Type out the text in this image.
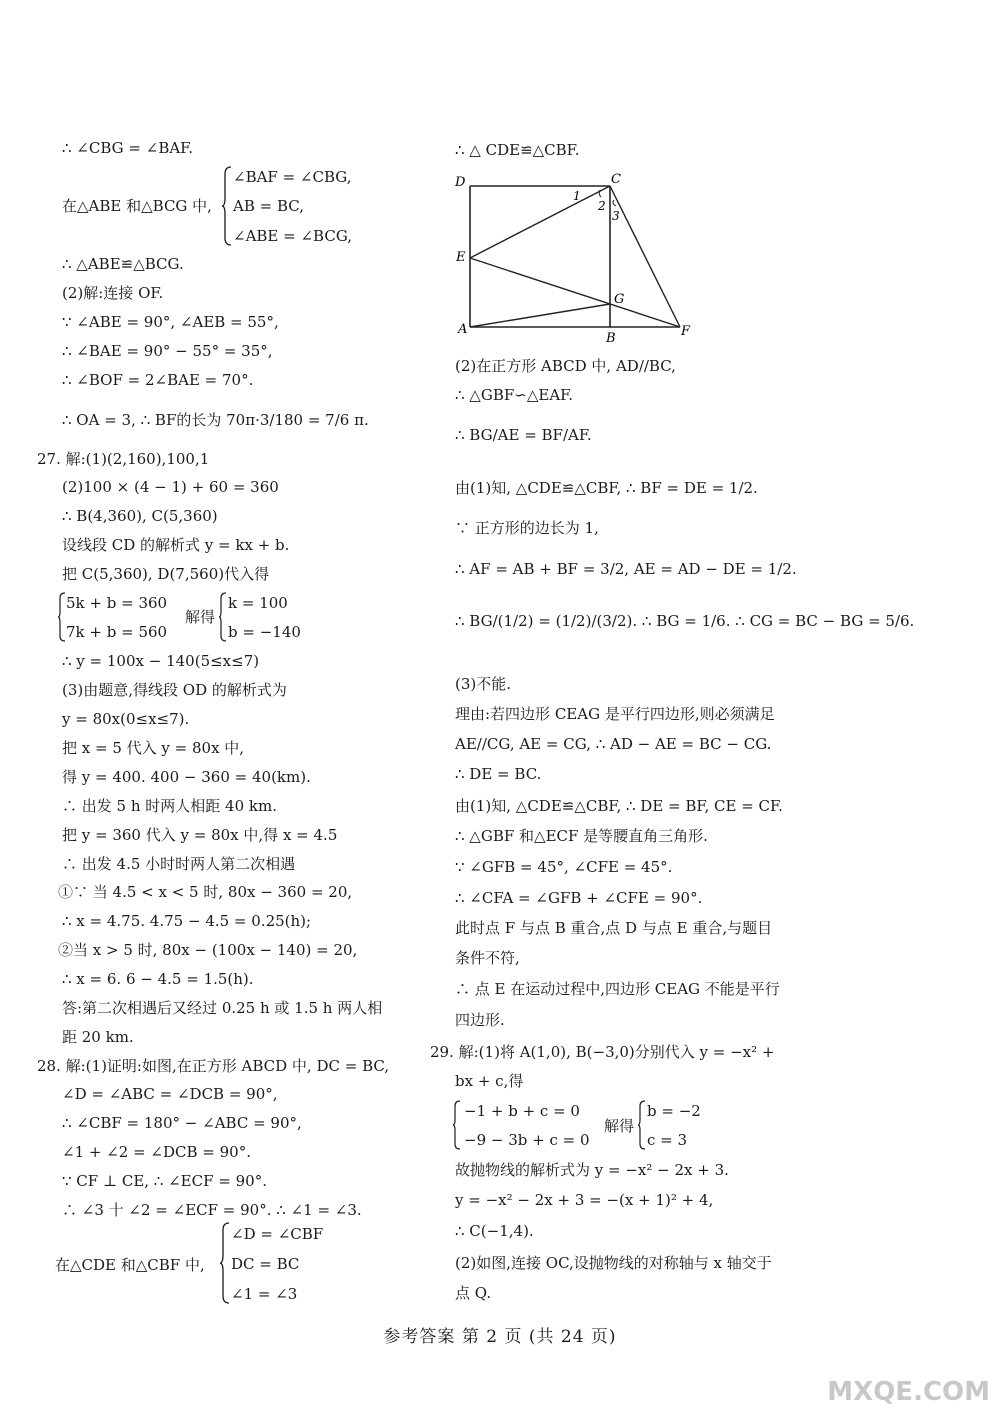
∴ ∠CBG = ∠BAF.
在△ABE 和△BCG 中,
∠BAF = ∠CBG,
AB = BC,
∠ABE = ∠BCG,
∴ △ABE≌△BCG.
(2)解:连接 OF.
∵ ∠ABE = 90°, ∠AEB = 55°,
∴ ∠BAE = 90° − 55° = 35°,
∴ ∠BOF = 2∠BAE = 70°.
∴ OA = 3, ∴ BF的长为 70π·3/180 = 7/6 π.
27. 解:(1)(2,160),100,1
(2)100 × (4 − 1) + 60 = 360
∴ B(4,360), C(5,360)
设线段 CD 的解析式 y = kx + b.
把 C(5,360), D(7,560)代入得
5k + b = 360
7k + b = 560
解得
k = 100
b = −140
∴ y = 100x − 140(5≤x≤7)
(3)由题意,得线段 OD 的解析式为
y = 80x(0≤x≤7).
把 x = 5 代入 y = 80x 中,
得 y = 400. 400 − 360 = 40(km).
∴ 出发 5 h 时两人相距 40 km.
把 y = 360 代入 y = 80x 中,得 x = 4.5
∴ 出发 4.5 小时时两人第二次相遇
①∵ 当 4.5 < x < 5 时, 80x − 360 = 20,
∴ x = 4.75. 4.75 − 4.5 = 0.25(h);
②当 x > 5 时, 80x − (100x − 140) = 20,
∴ x = 6. 6 − 4.5 = 1.5(h).
答:第二次相遇后又经过 0.25 h 或 1.5 h 两人相
距 20 km.
28. 解:(1)证明:如图,在正方形 ABCD 中, DC = BC,
∠D = ∠ABC = ∠DCB = 90°,
∴ ∠CBF = 180° − ∠ABC = 90°,
∠1 + ∠2 = ∠DCB = 90°.
∵ CF ⊥ CE, ∴ ∠ECF = 90°.
∴ ∠3 十 ∠2 = ∠ECF = 90°. ∴ ∠1 = ∠3.
在△CDE 和△CBF 中,
∠D = ∠CBF
DC = BC
∠1 = ∠3
∴ △ CDE≌△CBF.
D	C
E
G
A
B	F
1
2
3
(2)在正方形 ABCD 中, AD//BC,
∴ △GBF∽△EAF.
∴ BG/AE = BF/AF.
由(1)知, △CDE≌△CBF, ∴ BF = DE = 1/2.
∵ 正方形的边长为 1,
∴ AF = AB + BF = 3/2, AE = AD − DE = 1/2.
∴ BG/(1/2) = (1/2)/(3/2). ∴ BG = 1/6. ∴ CG = BC − BG = 5/6.
(3)不能.
理由:若四边形 CEAG 是平行四边形,则必须满足
AE//CG, AE = CG, ∴ AD − AE = BC − CG.
∴ DE = BC.
由(1)知, △CDE≌△CBF, ∴ DE = BF, CE = CF.
∴ △GBF 和△ECF 是等腰直角三角形.
∵ ∠GFB = 45°, ∠CFE = 45°.
∴ ∠CFA = ∠GFB + ∠CFE = 90°.
此时点 F 与点 B 重合,点 D 与点 E 重合,与题目
条件不符,
∴ 点 E 在运动过程中,四边形 CEAG 不能是平行
四边形.
29. 解:(1)将 A(1,0), B(−3,0)分别代入 y = −x² +
bx + c,得
−1 + b + c = 0
−9 − 3b + c = 0
解得
b = −2
c = 3
故抛物线的解析式为 y = −x² − 2x + 3.
y = −x² − 2x + 3 = −(x + 1)² + 4,
∴ C(−1,4).
(2)如图,连接 OC,设抛物线的对称轴与 x 轴交于
点 Q.
参考答案 第 2 页 (共 24 页)
MXQE.COM
